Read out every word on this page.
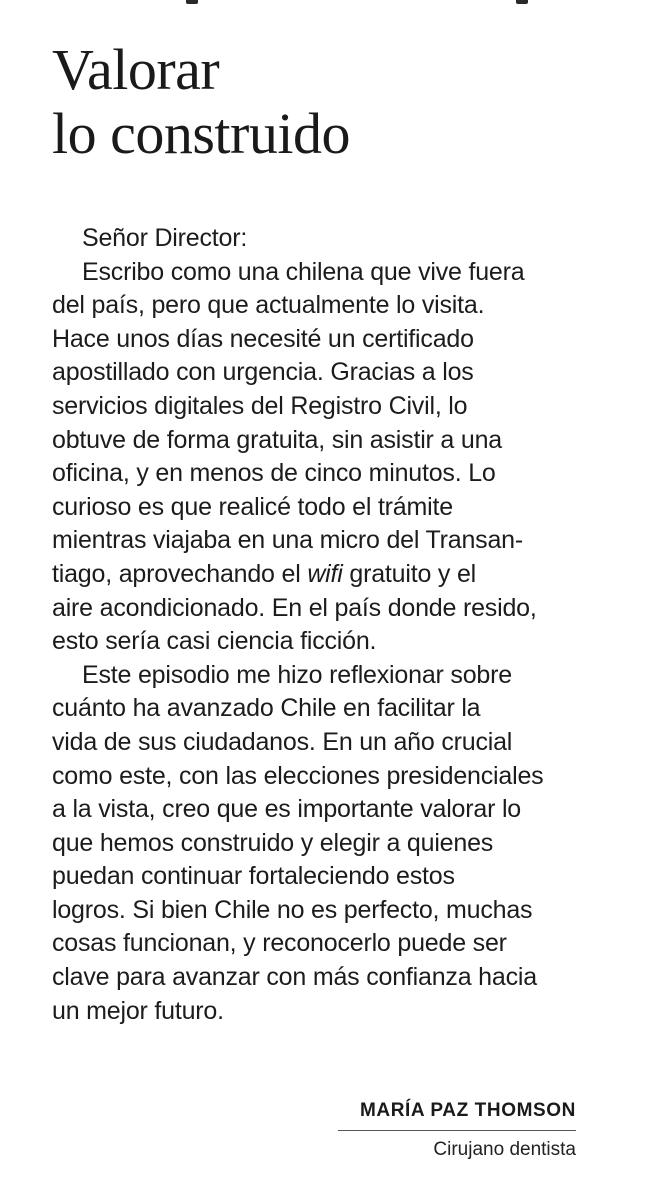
Valorar
lo construido
Señor Director:
Escribo como una chilena que vive fuera
del país, pero que actualmente lo visita.
Hace unos días necesité un certificado
apostillado con urgencia. Gracias a los
servicios digitales del Registro Civil, lo
obtuve de forma gratuita, sin asistir a una
oficina, y en menos de cinco minutos. Lo
curioso es que realicé todo el trámite
mientras viajaba en una micro del Transan-
tiago, aprovechando el wifi gratuito y el
aire acondicionado. En el país donde resido,
esto sería casi ciencia ficción.
Este episodio me hizo reflexionar sobre
cuánto ha avanzado Chile en facilitar la
vida de sus ciudadanos. En un año crucial
como este, con las elecciones presidenciales
a la vista, creo que es importante valorar lo
que hemos construido y elegir a quienes
puedan continuar fortaleciendo estos
logros. Si bien Chile no es perfecto, muchas
cosas funcionan, y reconocerlo puede ser
clave para avanzar con más confianza hacia
un mejor futuro.
MARÍA PAZ THOMSON
Cirujano dentista
